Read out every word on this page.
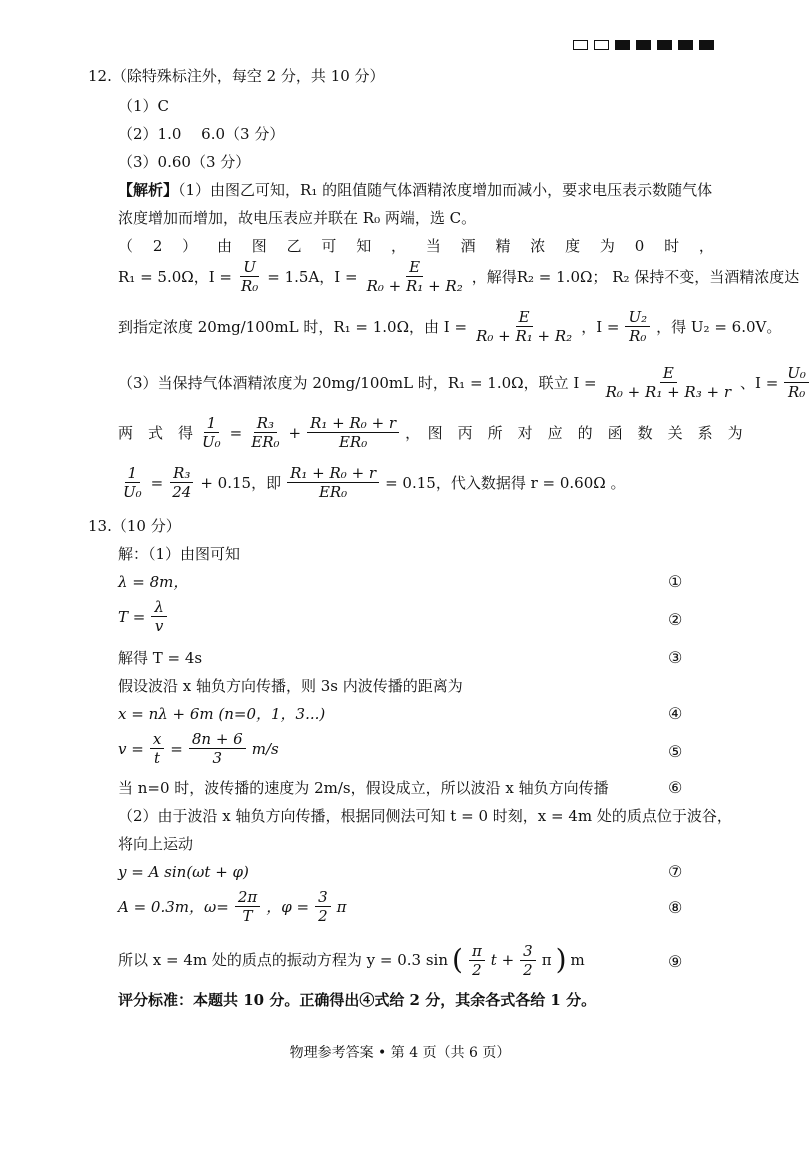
12.（除特殊标注外，每空 2 分，共 10 分）
（1）C
（2）1.0　 6.0（3 分）
（3）0.60（3 分）
【解析】（1）由图乙可知，R₁ 的阻值随气体酒精浓度增加而减小，要求电压表示数随气体
浓度增加而增加，故电压表应并联在 R₀ 两端，选 C。
（ 2 ） 由 图 乙 可 知 ， 当 酒 精 浓 度 为 0 时 ，
R₁ = 5.0Ω，$I = \frac{U}{\text{R₀}} = 1.5A$，$I = \frac{E}{\text{R₀ + R₁ + R₂}}$ ，解得R₂ = 1.0Ω； R₂ 保持不变，当酒精浓度达
到指定浓度 20mg/100mL 时，R₁ = 1.0Ω，由 $I = \frac{E}{\text{R₀ + R₁ + R₂}}$ ，$I = \frac{\text{U₂}}{\text{R₀}}$ ，得 U₂ = 6.0V。
（3）当保持气体酒精浓度为 20mg/100mL 时，R₁ = 1.0Ω，联立 $I = \frac{E}{\text{R₀ + R₁ + R₃ + r}}$ 、$I = \frac{\text{U₀}}{\text{R₀}}$
两　式　得 $\frac{1}{\text{U₀}} = \frac{\text{R₃}}{\text{ER₀}} + \frac{\text{R₁ + R₀ + r}}{\text{ER₀}}$ ，　图　丙　所　对　应　的　函　数　关　系　为
$\frac{1}{\text{U₀}} = \frac{\text{R₃}}{24} + 0.15$，即 $\frac{\text{R₁ + R₀ + r}}{\text{ER₀}} = 0.15$，代入数据得 r = 0.60Ω 。
13.（10 分）
解：（1）由图可知
λ = 8m，	①
$T = \frac{\lambda}{v}$	②
解得 T = 4s	③
假设波沿 x 轴负方向传播，则 3s 内波传播的距离为
x = nλ + 6m (n=0，1，3...)	④
$v = \frac{x}{t} = \frac{8n + 6}{3} m/s$	⑤
当 n=0 时，波传播的速度为 2m/s，假设成立，所以波沿 x 轴负方向传播	⑥
（2）由于波沿 x 轴负方向传播，根据同侧法可知 t = 0 时刻，x = 4m 处的质点位于波谷，
将向上运动
y = A sin(ωt + φ)	⑦
A = 0.3m，$\omega= \frac{2\pi}{T}$ ，$\varphi = \frac{3}{2}$ π	⑧
所以 x = 4m 处的质点的振动方程为 y = 0.3 sin ( $\frac{\pi}{2}$ $t + \frac{3}{2}$ π ) m	⑨
评分标准：本题共 10 分。正确得出④式给 2 分，其余各式各给 1 分。
物理参考答案 • 第 4 页（共 6 页）
